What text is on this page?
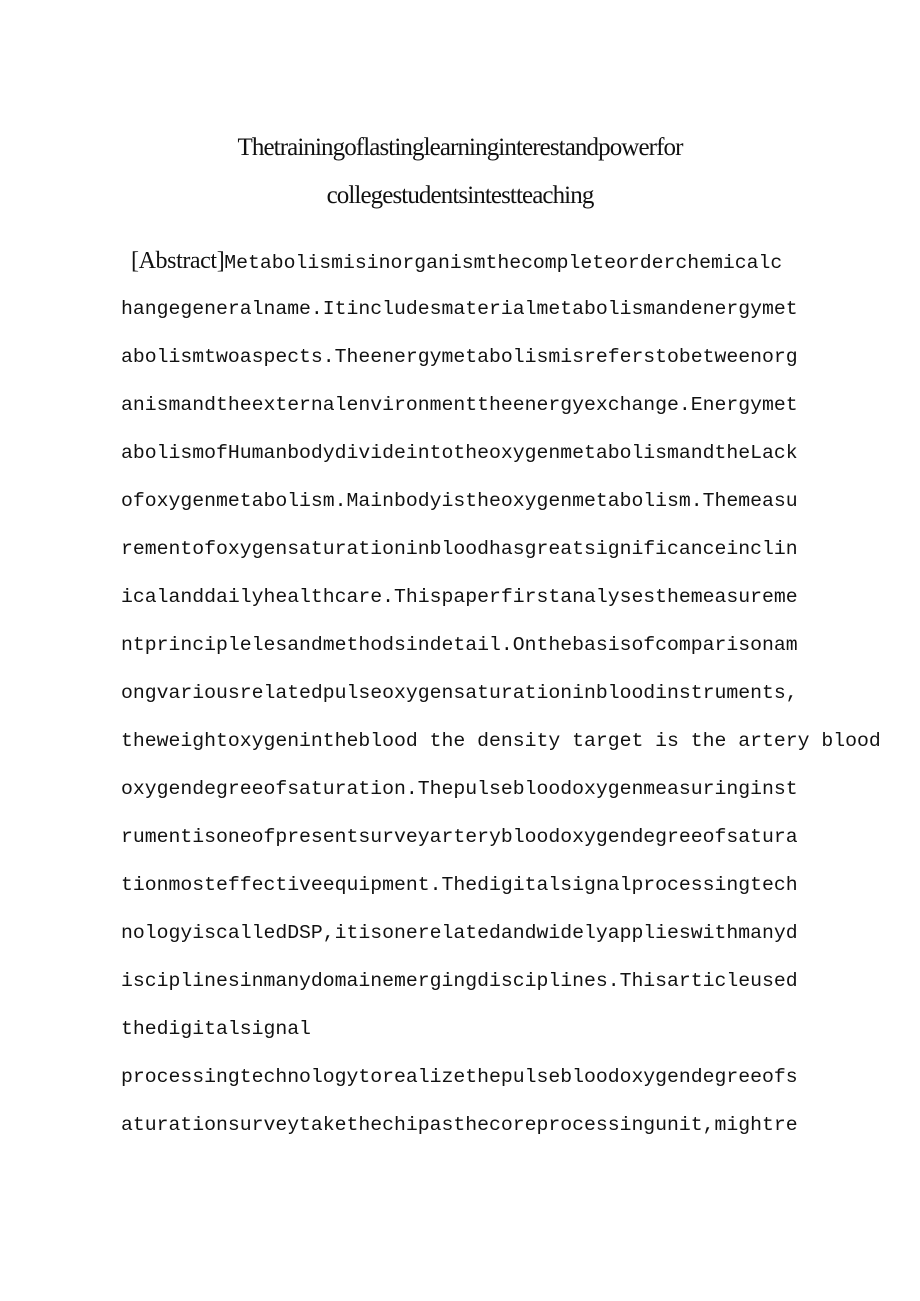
Thetrainingoflastinglearninginterestandpowerfor
collegestudentsintestteaching
[Abstract]Metabolismisinorganismthecompleteorderchemicalc
hangegeneralname.Itincludesmaterialmetabolismandenergymet
abolismtwoaspects.Theenergymetabolismisreferstobetweenorg
anismandtheexternalenvironmenttheenergyexchange.Energymet
abolismofHumanbodydivideintotheoxygenmetabolismandtheLack
ofoxygenmetabolism.Mainbodyistheoxygenmetabolism.Themeasu
rementofoxygensaturationinbloodhasgreatsignificanceinclin
icalanddailyhealthcare.Thispaperfirstanalysesthemeasureme
ntprinciplelesandmethodsindetail.Onthebasisofcomparisonam
ongvariousrelatedpulseoxygensaturationinbloodinstruments,
theweightoxygenintheblood the density target is the artery blood
oxygendegreeofsaturation.Thepulsebloodoxygenmeasuringinst
rumentisoneofpresentsurveyarterybloodoxygendegreeofsatura
tionmosteffectiveequipment.Thedigitalsignalprocessingtech
nologyiscalledDSP,itisonerelatedandwidelyapplieswithmanyd
isciplinesinmanydomainemergingdisciplines.Thisarticleused
thedigitalsignal
processingtechnologytorealizethepulsebloodoxygendegreeofs
aturationsurveytakethechipasthecoreprocessingunit,mightre
